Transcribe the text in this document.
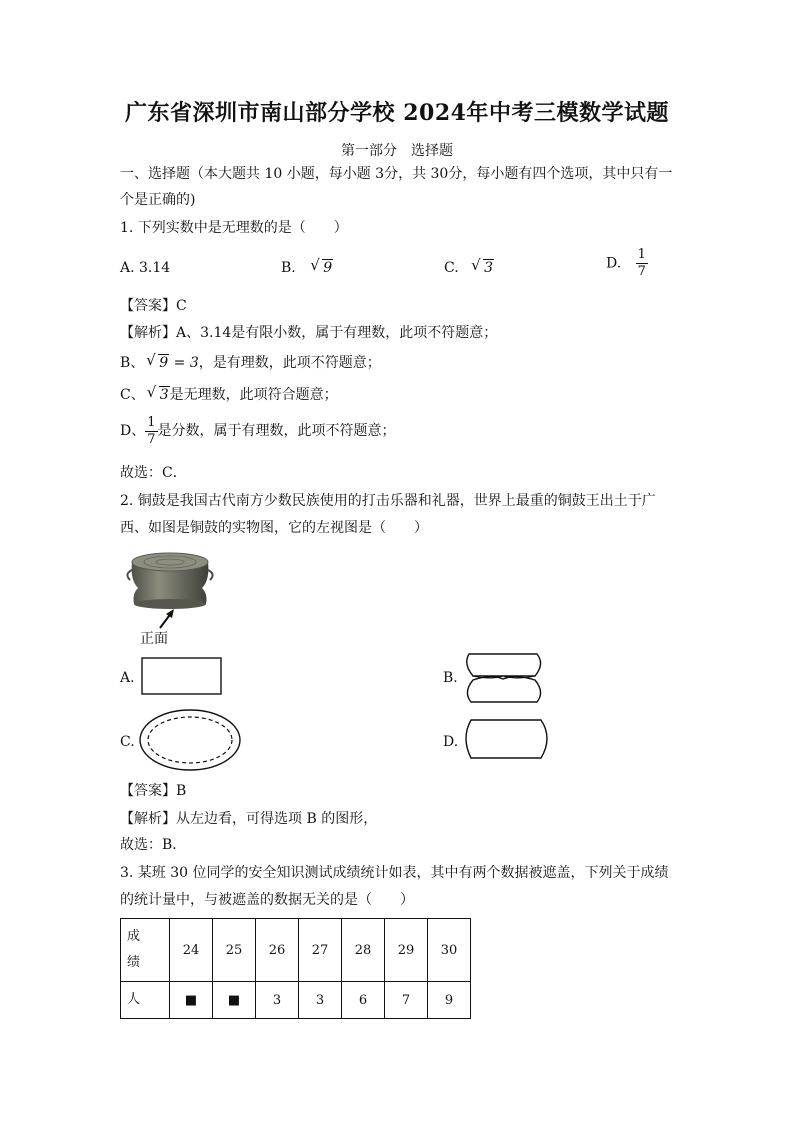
广东省深圳市南山部分学校 2024年中考三模数学试题
第一部分　选择题
一、选择题（本大题共 10 小题，每小题 3分，共 30分，每小题有四个选项，其中只有一
个是正确的)
1. 下列实数中是无理数的是（　　）
A. 3.14	B. √ 9	C. √ 3	D. $\frac{1}{7}$
【答案】C
【解析】A、3.14是有限小数，属于有理数，此项不符题意；
B、 √ 9 = 3，是有理数，此项不符题意；
C、 √ 3是无理数，此项符合题意；
D、 $\frac{1}{7}$ 是分数，属于有理数，此项不符题意；
故选：C．
2. 铜鼓是我国古代南方少数民族使用的打击乐器和礼器，世界上最重的铜鼓王出土于广
西、如图是铜鼓的实物图，它的左视图是（　　）
正面
A.	B.
C.	D.
【答案】B
【解析】从左边看，可得选项 B 的图形，
故选：B．
3. 某班 30 位同学的安全知识测试成绩统计如表，其中有两个数据被遮盖，下列关于成绩
的统计量中，与被遮盖的数据无关的是（　　）
成
绩	24	25	26	27	28	29	30
人	■	■	3	3	6	7	9
